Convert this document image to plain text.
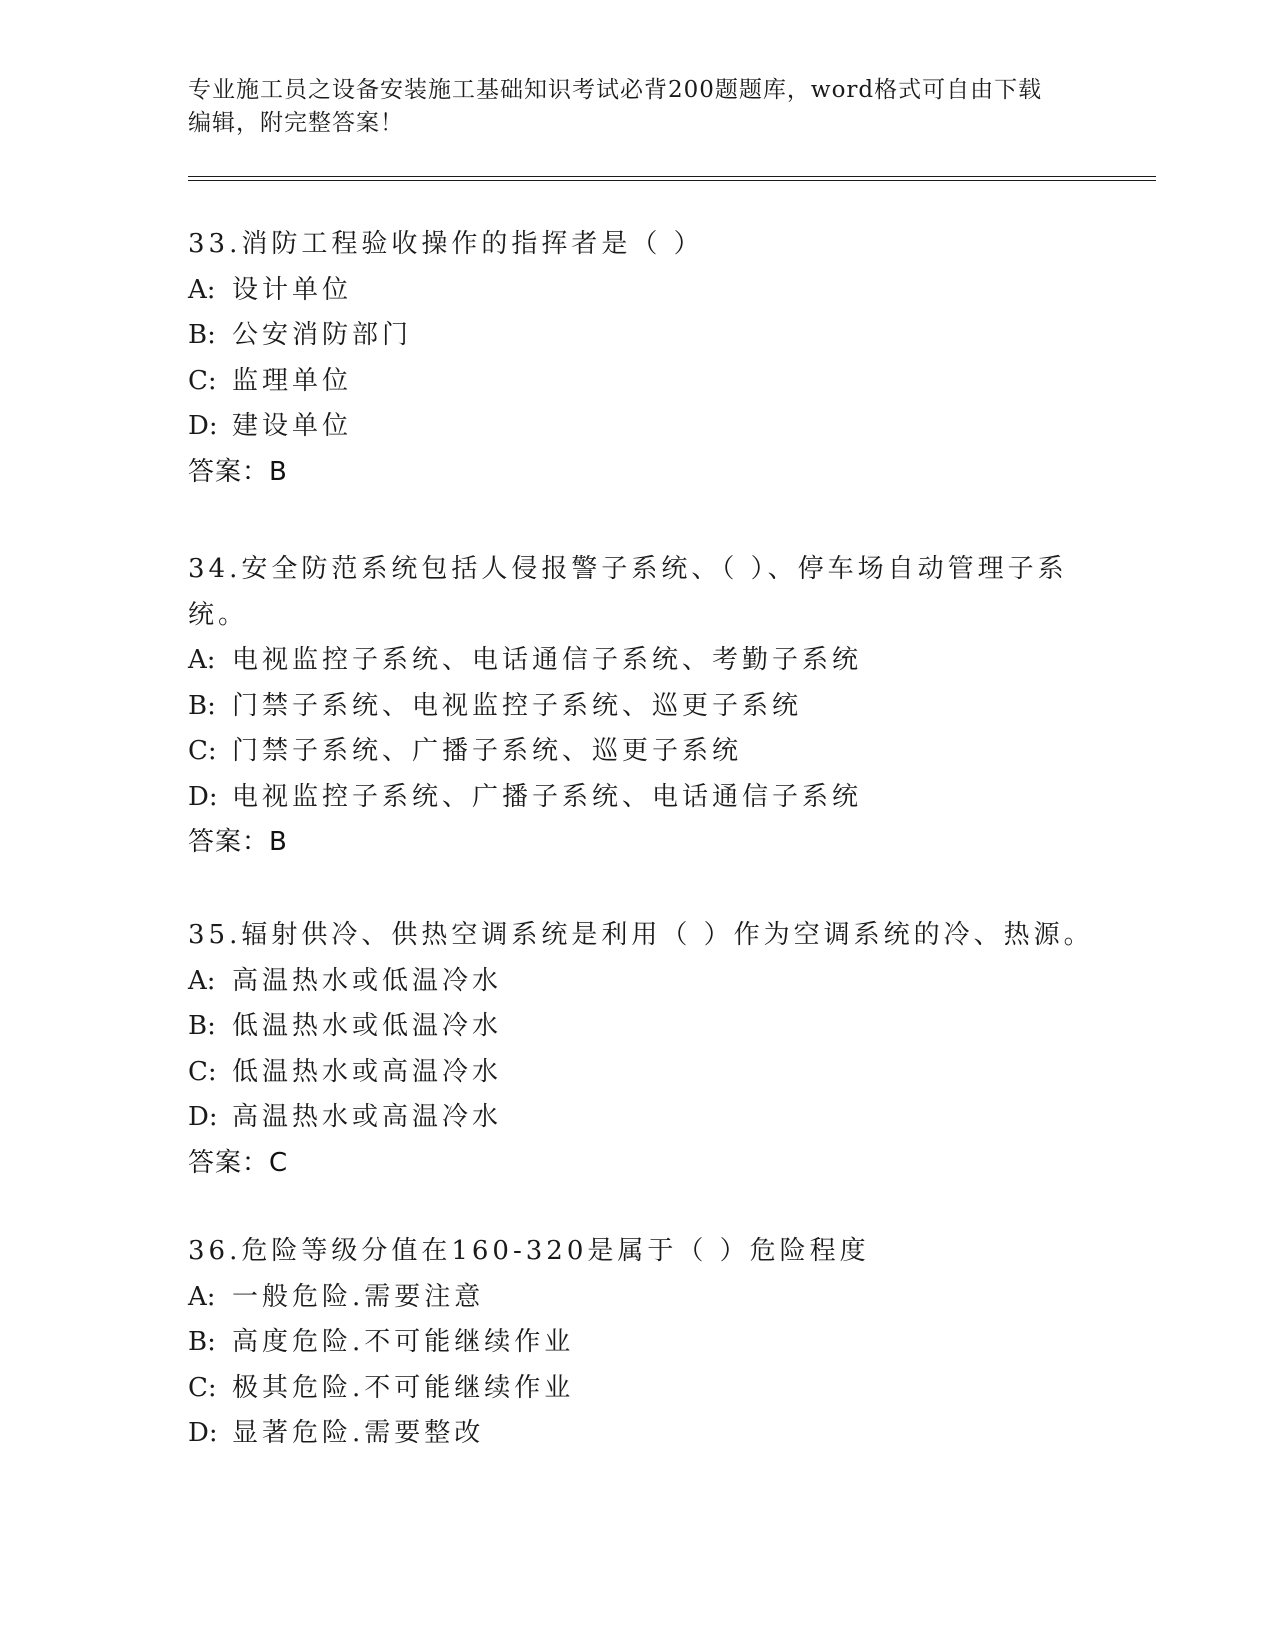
专业施工员之设备安装施工基础知识考试必背200题题库，word格式可自由下载
编辑，附完整答案！
33.消防工程验收操作的指挥者是（ ）
A: 设计单位
B: 公安消防部门
C: 监理单位
D: 建设单位
答案：B
34.安全防范系统包括人侵报警子系统、（ ）、停车场自动管理子系
统。
A: 电视监控子系统、电话通信子系统、考勤子系统
B: 门禁子系统、电视监控子系统、巡更子系统
C: 门禁子系统、广播子系统、巡更子系统
D: 电视监控子系统、广播子系统、电话通信子系统
答案：B
35.辐射供冷、供热空调系统是利用（ ）作为空调系统的冷、热源。
A: 高温热水或低温冷水
B: 低温热水或低温冷水
C: 低温热水或高温冷水
D: 高温热水或高温冷水
答案：C
36.危险等级分值在160-320是属于（ ）危险程度
A: 一般危险.需要注意
B: 高度危险.不可能继续作业
C: 极其危险.不可能继续作业
D: 显著危险.需要整改
